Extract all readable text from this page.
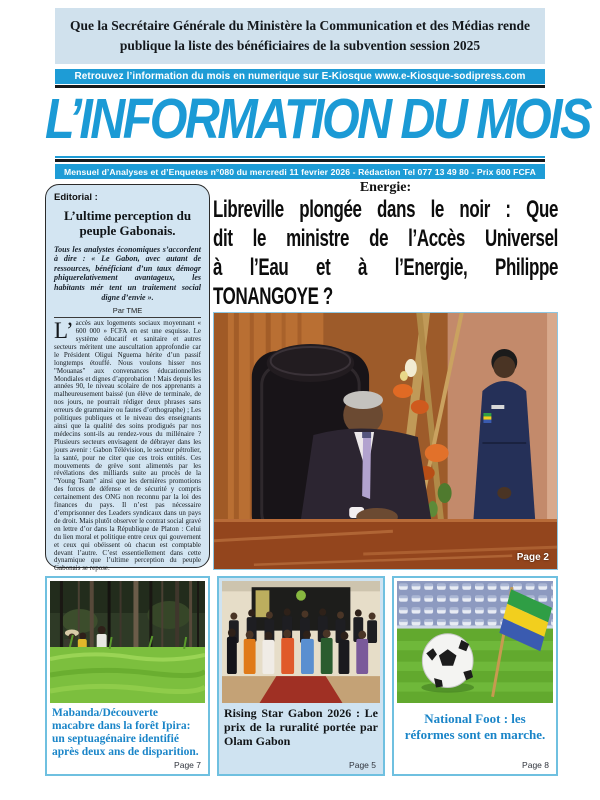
Que la Secrétaire Générale du Ministère la Communication et des Médias rende publique la liste des bénéficiaires de la subvention session 2025
Retrouvez l’information du mois en numerique sur E-Kiosque www.e-Kiosque-sodipress.com
L’INFORMATION DU MOIS
Mensuel d’Analyses et d’Enquetes n°080 du mercredi 11 fevrier 2026 - Rédaction Tel 077 13 49 80 - Prix 600 FCFA
Editorial :
L’ultime perception du peuple Gabonais.
Tous les analystes économiques s’accordent à dire : « Le Gabon, avec autant de ressources, bénéficiant d’un taux démogr phiquerelativement avantageux, les habitants mér tent un traitement social digne d’envie ».
Par TME
L’accès aux logements sociaux moyennant « 600 000 » FCFA en est une esquisse. Le système éducatif et sanitaire et autres secteurs méritent une auscultation approfondie car le Président Oligui Nguema hérite d’un passif longtemps étouffé. Nous voulons hisser nos "Mouanas" aux convenances éducationnelles Mondiales et dignes d’approbation ! Mais depuis les années 90, le niveau scolaire de nos apprenants a malheureusement baissé (un élève de terminale, de nos jours, ne pourrait rédiger deux phrases sans erreurs de grammaire ou fautes d’orthographe) ; Les politiques publiques et le niveau des enseignants ainsi que la qualité des soins prodigués par nos médecins sont-ils au rendez-vous du millénaire ? Plusieurs secteurs envisagent de débrayer dans les jours avenir : Gabon Télévision, le secteur pétrolier, la santé, pour ne citer que ces trois entités. Ces mouvements de grève sont alimentés par les révélations des milliards suite au procès de la "Young Team" ainsi que les dernières promotions des forces de défense et de sécurité y compris certainement des ONG non reconnu par la loi des finances du pays. Il n’est pas nécessaire d’emprisonner des Leaders syndicaux dans un pays de droit. Mais plutôt observer le contrat social gravé en lettre d’or dans la République de Platon : Celui du lien moral et politique entre ceux qui gouvernent et ceux qui obéissent où chacun est comptable devant l’autre. C’est essentiellement dans cette dynamique que l’ultime perception du peuple Gabonais se repose.
Energie:
Libreville plongée dans le noir : Que
dit le ministre de l’Accès Universel
à l’Eau et à l’Energie, Philippe
TONANGOYE ?
Page 2
Mabanda/Découverte macabre dans la forêt Ipira: un septuagénaire identifié après deux ans de disparition.
Page 7
Rising Star Gabon 2026 : Le prix de la ruralité portée par Olam Gabon
Page 5
National Foot : les réformes sont en marche.
Page 8
